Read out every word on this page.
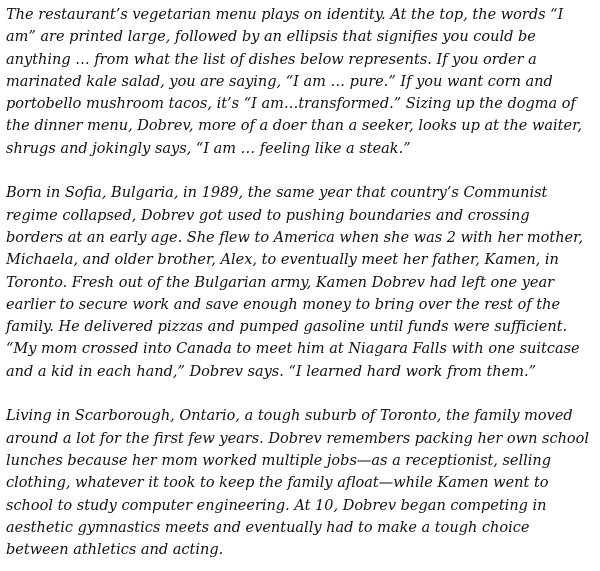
The restaurant’s vegetarian menu plays on identity. At the top, the words “I
am” are printed large, followed by an ellipsis that signifies you could be
anything … from what the list of dishes below represents. If you order a
marinated kale salad, you are saying, “I am … pure.” If you want corn and
portobello mushroom tacos, it’s “I am…transformed.” Sizing up the dogma of
the dinner menu, Dobrev, more of a doer than a seeker, looks up at the waiter,
shrugs and jokingly says, “I am … feeling like a steak.”

Born in Sofia, Bulgaria, in 1989, the same year that country’s Communist
regime collapsed, Dobrev got used to pushing boundaries and crossing
borders at an early age. She flew to America when she was 2 with her mother,
Michaela, and older brother, Alex, to eventually meet her father, Kamen, in
Toronto. Fresh out of the Bulgarian army, Kamen Dobrev had left one year
earlier to secure work and save enough money to bring over the rest of the
family. He delivered pizzas and pumped gasoline until funds were sufficient.
“My mom crossed into Canada to meet him at Niagara Falls with one suitcase
and a kid in each hand,” Dobrev says. “I learned hard work from them.”

Living in Scarborough, Ontario, a tough suburb of Toronto, the family moved
around a lot for the first few years. Dobrev remembers packing her own school
lunches because her mom worked multiple jobs—as a receptionist, selling
clothing, whatever it took to keep the family afloat—while Kamen went to
school to study computer engineering. At 10, Dobrev began competing in
aesthetic gymnastics meets and eventually had to make a tough choice
between athletics and acting.
